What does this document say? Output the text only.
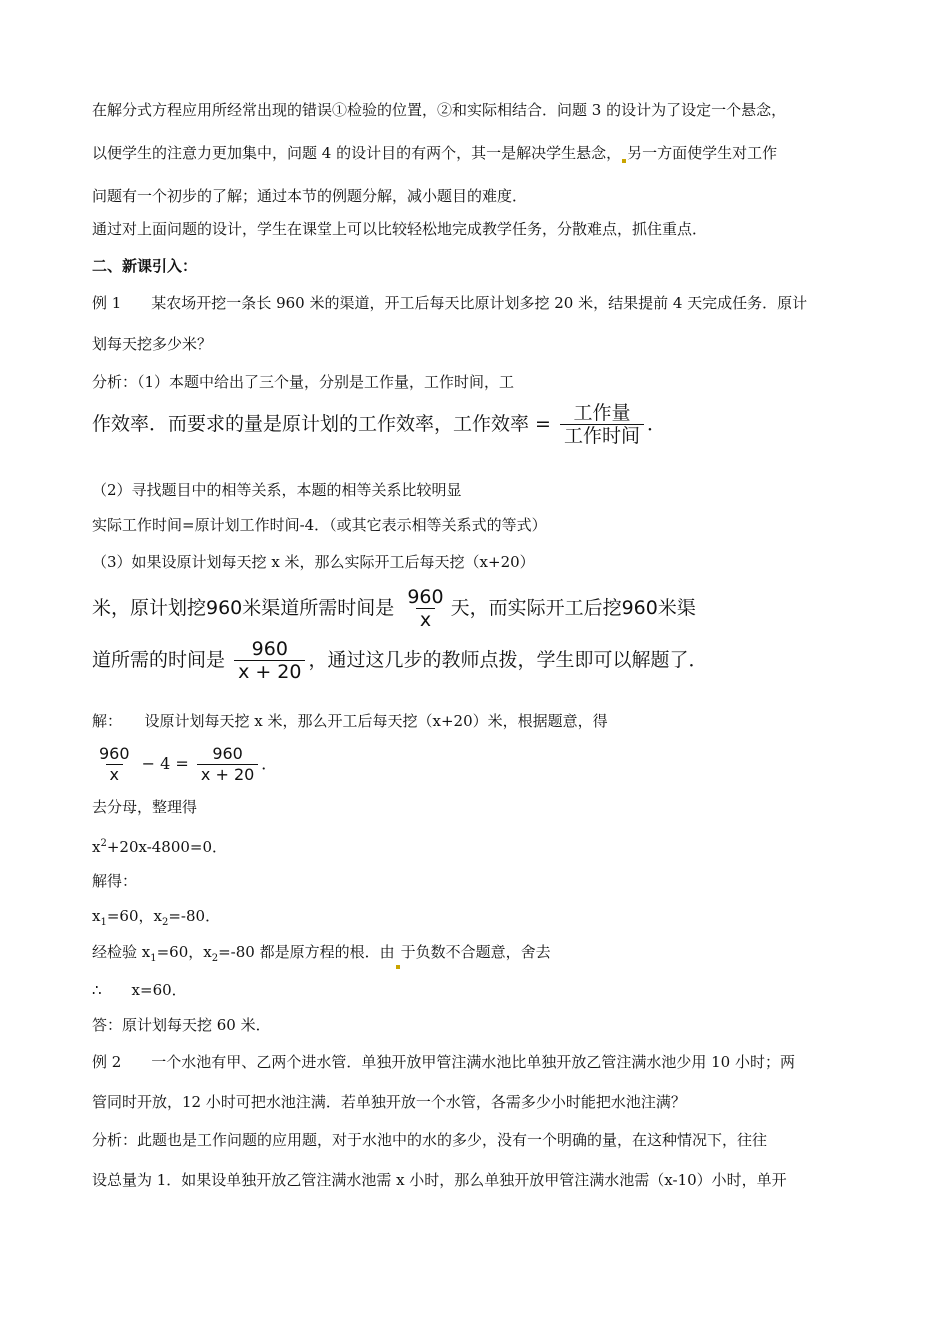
在解分式方程应用所经常出现的错误①检验的位置，②和实际相结合．问题 3 的设计为了设定一个悬念，
以便学生的注意力更加集中，问题 4 的设计目的有两个，其一是解决学生悬念， 另一方面使学生对工作
问题有一个初步的了解；通过本节的例题分解，减小题目的难度．
通过对上面问题的设计，学生在课堂上可以比较轻松地完成教学任务，分散难点，抓住重点．
二、新课引入：
例 1　　某农场开挖一条长 960 米的渠道，开工后每天比原计划多挖 20 米，结果提前 4 天完成任务．原计
划每天挖多少米？
分析：（1）本题中给出了三个量，分别是工作量，工作时间，工
作效率．而要求的量是原计划的工作效率，工作效率 = $\frac{\text{工作量}}{\text{工作时间}}$ ．
（2）寻找题目中的相等关系，本题的相等关系比较明显
实际工作时间=原计划工作时间-4．（或其它表示相等关系式的等式）
（3）如果设原计划每天挖 x 米，那么实际开工后每天挖（x+20）
米，原计划挖960米渠道所需时间是 $\frac{960}{x}$ 天，而实际开工后挖960米渠
道所需的时间是 $\frac{960}{x + 20}$ ，通过这几步的教师点拨，学生即可以解题了．
解：　　设原计划每天挖 x 米，那么开工后每天挖（x+20）米，根据题意，得
$\frac{960}{x} - 4 = \frac{960}{x + 20}$ ．
去分母，整理得
$x^2+20x-4800=0$．
解得：
$x_1=60$，$x_2=-80$．
经检验 $x_1=60$，$x_2=-80$ 都是原方程的根．由 于负数不合题意，舍去
∴　　x=60．
答：原计划每天挖 60 米．
例 2　　一个水池有甲、乙两个进水管．单独开放甲管注满水池比单独开放乙管注满水池少用 10 小时；两
管同时开放，12 小时可把水池注满．若单独开放一个水管，各需多少小时能把水池注满？
分析：此题也是工作问题的应用题，对于水池中的水的多少，没有一个明确的量，在这种情况下，往往
设总量为 1．如果设单独开放乙管注满水池需 x 小时，那么单独开放甲管注满水池需（x-10）小时，单开
